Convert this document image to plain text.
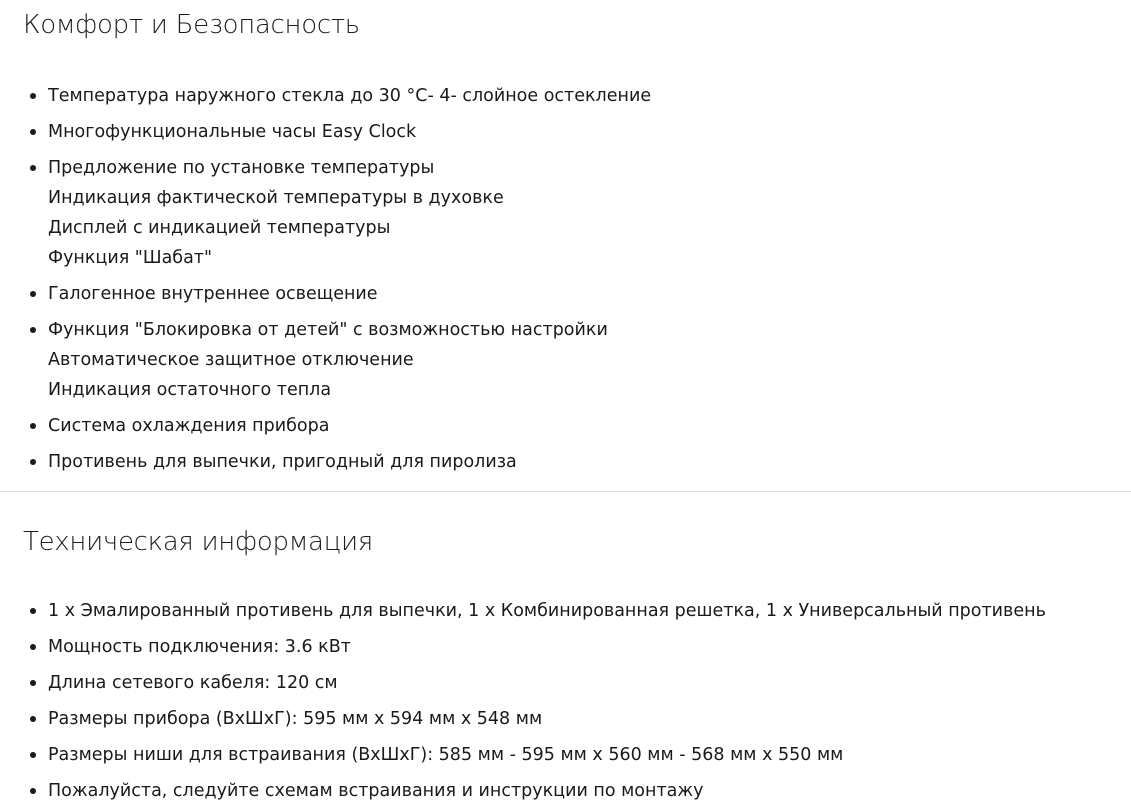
Комфорт и Безопасность
Температура наружного стекла до 30 °C- 4- слойное остекление
Многофункциональные часы Easy Clock
Предложение по установке температуры
Индикация фактической температуры в духовке
Дисплей с индикацией температуры
Функция "Шабат"
Галогенное внутреннее освещение
Функция "Блокировка от детей" с возможностью настройки
Автоматическое защитное отключение
Индикация остаточного тепла
Система охлаждения прибора
Противень для выпечки, пригодный для пиролиза
Техническая информация
1 x Эмалированный противень для выпечки, 1 x Комбинированная решетка, 1 x Универсальный противень
Мощность подключения: 3.6 кВт
Длина сетевого кабеля: 120 см
Размеры прибора (ВхШхГ): 595 мм x 594 мм x 548 мм
Размеры ниши для встраивания (ВхШхГ): 585 мм - 595 мм x 560 мм - 568 мм x 550 мм
Пожалуйста, следуйте схемам встраивания и инструкции по монтажу
